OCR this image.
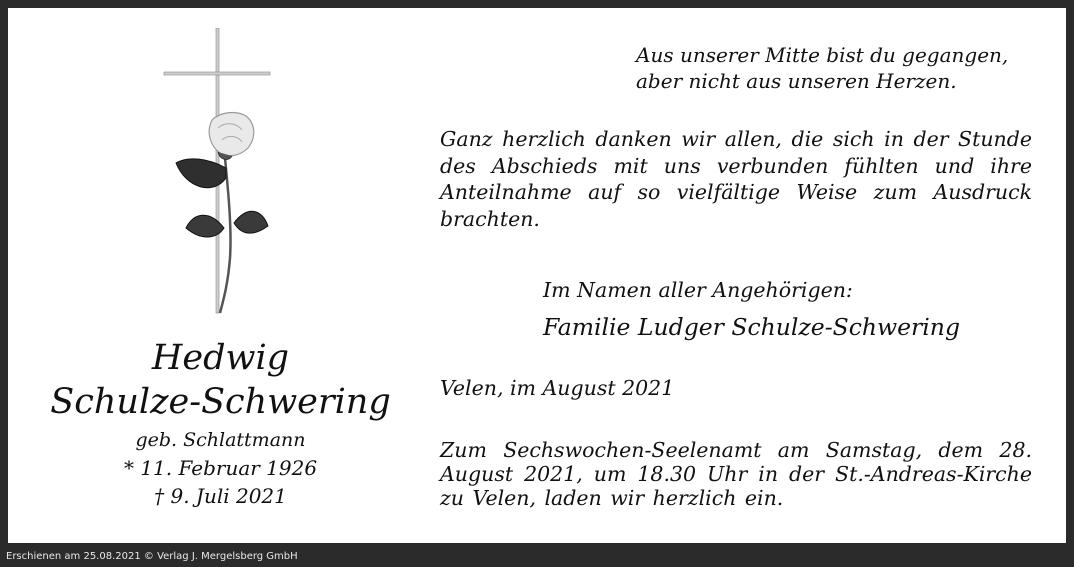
Aus unserer Mitte bist du gegangen,
aber nicht aus unseren Herzen.
Ganz herzlich danken wir allen, die sich in der Stunde des Abschieds mit uns verbunden fühlten und ihre Anteilnahme auf so vielfältige Weise zum Ausdruck brachten.
Im Namen aller Angehörigen:
Familie Ludger Schulze-Schwering
Velen, im August 2021
Zum Sechswochen-Seelenamt am Samstag, dem 28. August 2021, um 18.30 Uhr in der St.-Andreas-Kirche zu Velen, laden wir herzlich ein.
Hedwig
Schulze-Schwering
geb. Schlattmann
* 11. Februar 1926
† 9. Juli 2021
Erschienen am 25.08.2021 © Verlag J. Mergelsberg GmbH
